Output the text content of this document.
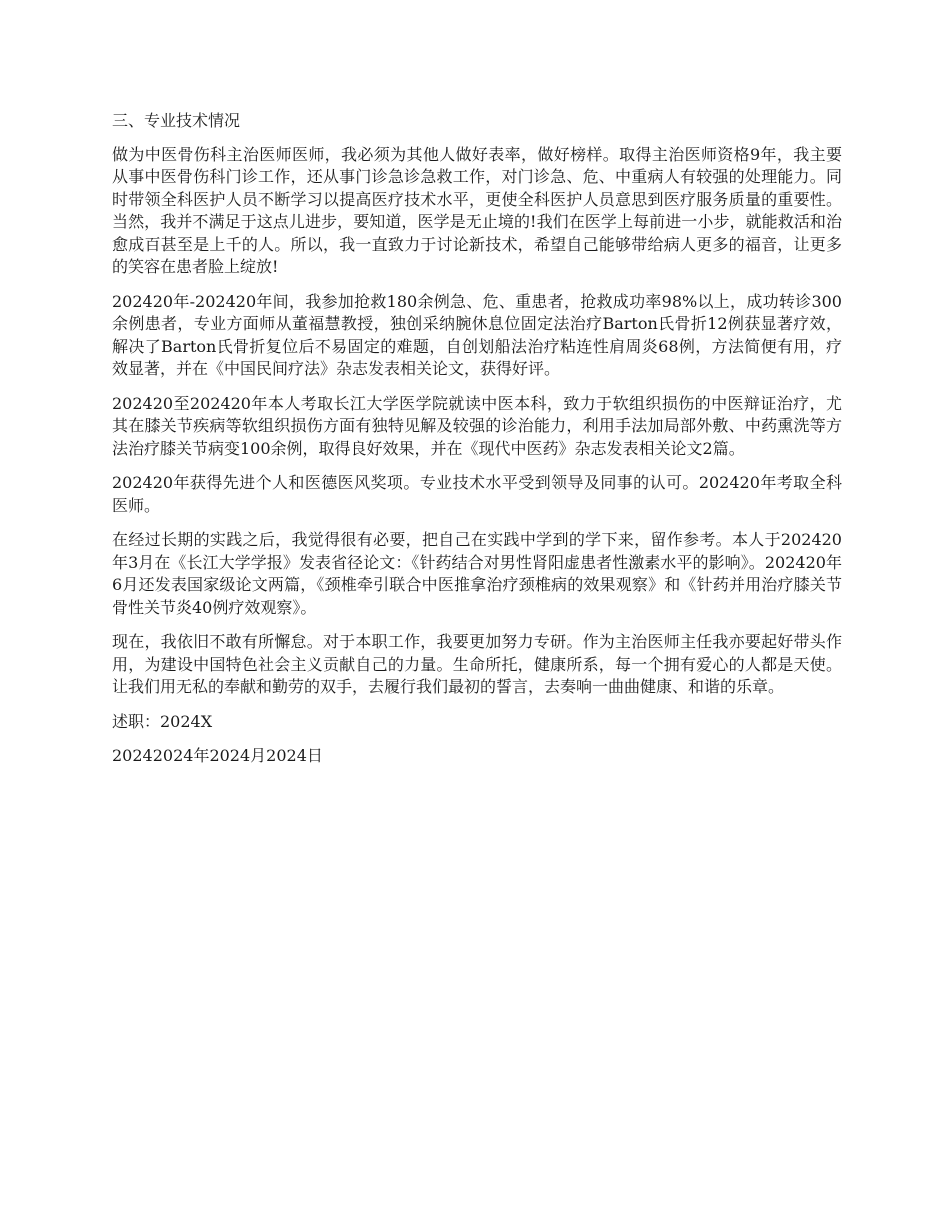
三、专业技术情况

做为中医骨伤科主治医师医师，我必须为其他人做好表率，做好榜样。取得主治医师资格9年，我主要从事中医骨伤科门诊工作，还从事门诊急诊急救工作，对门诊急、危、中重病人有较强的处理能力。同时带领全科医护人员不断学习以提高医疗技术水平，更使全科医护人员意思到医疗服务质量的重要性。当然，我并不满足于这点儿进步，要知道，医学是无止境的!我们在医学上每前进一小步，就能救活和治愈成百甚至是上千的人。所以，我一直致力于讨论新技术，希望自己能够带给病人更多的福音，让更多的笑容在患者脸上绽放!

202420年-202420年间，我参加抢救180余例急、危、重患者，抢救成功率98%以上，成功转诊300余例患者，专业方面师从董福慧教授，独创采纳腕休息位固定法治疗Barton氏骨折12例获显著疗效，解决了Barton氏骨折复位后不易固定的难题，自创划船法治疗粘连性肩周炎68例，方法简便有用，疗效显著，并在《中国民间疗法》杂志发表相关论文，获得好评。

202420至202420年本人考取长江大学医学院就读中医本科，致力于软组织损伤的中医辩证治疗，尤其在膝关节疾病等软组织损伤方面有独特见解及较强的诊治能力，利用手法加局部外敷、中药熏洗等方法治疗膝关节病变100余例，取得良好效果，并在《现代中医药》杂志发表相关论文2篇。

202420年获得先进个人和医德医风奖项。专业技术水平受到领导及同事的认可。202420年考取全科医师。

在经过长期的实践之后，我觉得很有必要，把自己在实践中学到的学下来，留作参考。本人于202420年3月在《长江大学学报》发表省径论文：《针药结合对男性肾阳虚患者性激素水平的影响》。202420年6月还发表国家级论文两篇，《颈椎牵引联合中医推拿治疗颈椎病的效果观察》和《针药并用治疗膝关节骨性关节炎40例疗效观察》。

现在，我依旧不敢有所懈怠。对于本职工作，我要更加努力专研。作为主治医师主任我亦要起好带头作用，为建设中国特色社会主义贡献自己的力量。生命所托，健康所系，每一个拥有爱心的人都是天使。让我们用无私的奉献和勤劳的双手，去履行我们最初的誓言，去奏响一曲曲健康、和谐的乐章。

述职：2024X

20242024年2024月2024日
